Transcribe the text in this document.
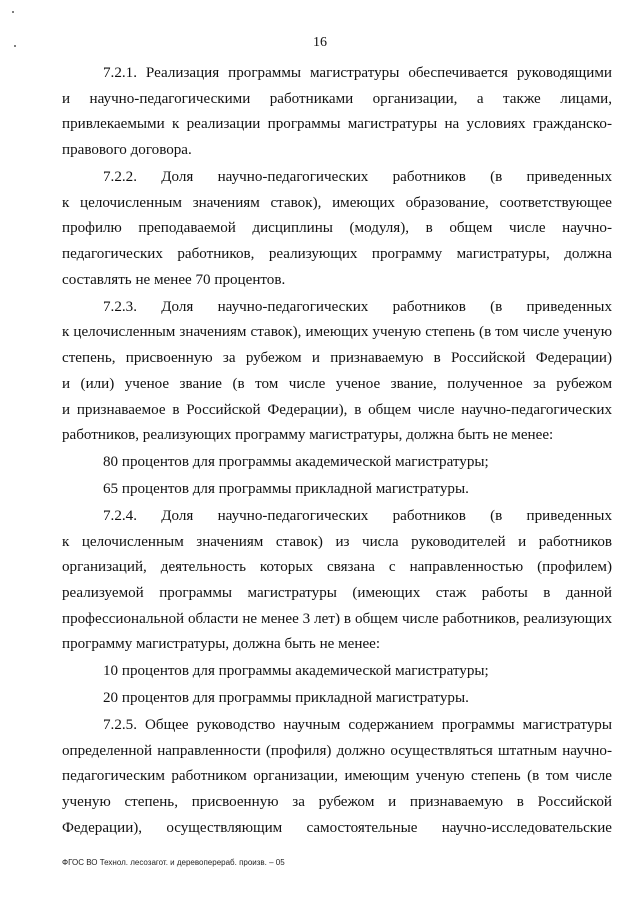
16
7.2.1. Реализация программы магистратуры обеспечивается руководящими
и научно-педагогическими работниками организации, а также лицами,
привлекаемыми к реализации программы магистратуры на условиях гражданско-
правового договора.
7.2.2. Доля научно-педагогических работников (в приведенных
к целочисленным значениям ставок), имеющих образование, соответствующее
профилю преподаваемой дисциплины (модуля), в общем числе научно-
педагогических работников, реализующих программу магистратуры, должна
составлять не менее 70 процентов.
7.2.3. Доля научно-педагогических работников (в приведенных
к целочисленным значениям ставок), имеющих ученую степень (в том числе ученую
степень, присвоенную за рубежом и признаваемую в Российской Федерации)
и (или) ученое звание (в том числе ученое звание, полученное за рубежом
и признаваемое в Российской Федерации), в общем числе научно-педагогических
работников, реализующих программу магистратуры, должна быть не менее:
80 процентов для программы академической магистратуры;
65 процентов для программы прикладной магистратуры.
7.2.4. Доля научно-педагогических работников (в приведенных
к целочисленным значениям ставок) из числа руководителей и работников
организаций, деятельность которых связана с направленностью (профилем)
реализуемой программы магистратуры (имеющих стаж работы в данной
профессиональной области не менее 3 лет) в общем числе работников, реализующих
программу магистратуры, должна быть не менее:
10 процентов для программы академической магистратуры;
20 процентов для программы прикладной магистратуры.
7.2.5. Общее руководство научным содержанием программы магистратуры
определенной направленности (профиля) должно осуществляться штатным научно-
педагогическим работником организации, имеющим ученую степень (в том числе
ученую степень, присвоенную за рубежом и признаваемую в Российской
Федерации), осуществляющим самостоятельные научно-исследовательские
ФГОС ВО Технол. лесозагот. и деревоперераб. произв. – 05
